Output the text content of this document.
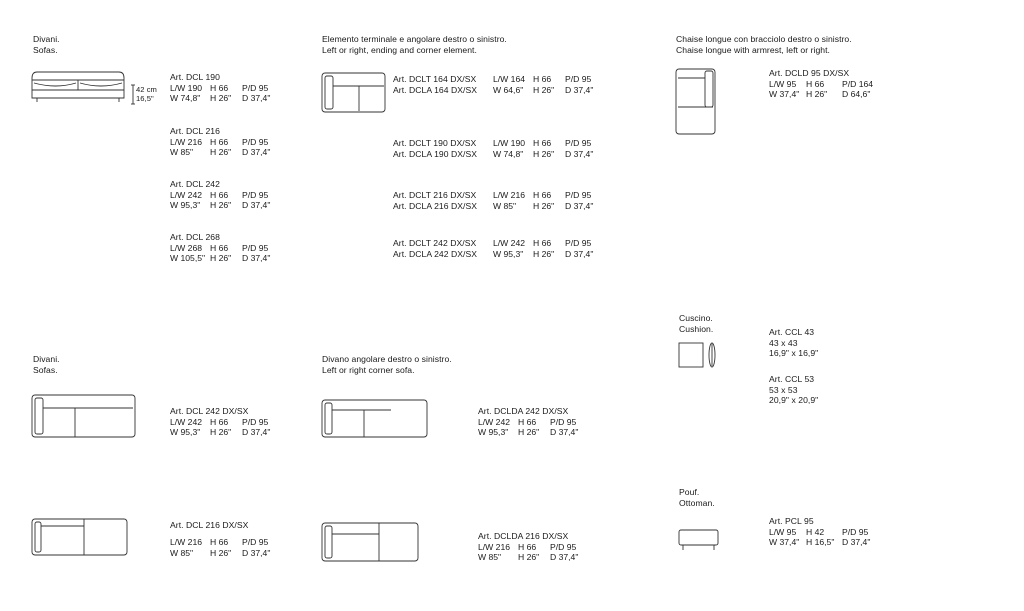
Divani.
Sofas.
Elemento terminale e angolare destro o sinistro.
Left or right, ending and corner element.
Chaise longue con bracciolo destro o sinistro.
Chaise longue with armrest, left or right.
Cuscino.
Cushion.
Divani.
Sofas.
Divano angolare destro o sinistro.
Left or right corner sofa.
Pouf.
Ottoman.
42 cm
16,5"
Art. DCL 190

L/W 190

H 66

P/D 95

W 74,8"

H 26"

D 37,4"

Art. DCL 216

L/W 216

H 66

P/D 95

W 85"

H 26"

D 37,4"

Art. DCL 242

L/W 242

H 66

P/D 95

W 95,3"

H 26"

D 37,4"

Art. DCL 268

L/W 268

H 66

P/D 95

W 105,5"

H 26"

D 37,4"

Art. DCLT 164 DX/SX
Art. DCLA 164 DX/SX

L/W 164

H 66

P/D 95

W 64,6"

H 26"

D 37,4"

Art. DCLT 190 DX/SX
Art. DCLA 190 DX/SX

L/W 190

H 66

P/D 95

W 74,8"

H 26"

D 37,4"

Art. DCLT 216 DX/SX
Art. DCLA 216 DX/SX

L/W 216

H 66

P/D 95

W 85"

H 26"

D 37,4"

Art. DCLT 242 DX/SX
Art. DCLA 242 DX/SX

L/W 242

H 66

P/D 95

W 95,3"

H 26"

D 37,4"

Art. DCLD 95 DX/SX

L/W 95

H 66

P/D 164

W 37,4"

H 26"

D 64,6"

Art. CCL 43
43 x 43
16,9" x 16,9"
Art. CCL 53
53 x 53
20,9" x 20,9"
Art. DCL 242 DX/SX

L/W 242

H 66

P/D 95

W 95,3"

H 26"

D 37,4"

Art. DCL 216 DX/SX

L/W 216

H 66

P/D 95

W 85"

H 26"

D 37,4"

Art. DCLDA 242 DX/SX

L/W 242

H 66

P/D 95

W 95,3"

H 26"

D 37,4"

Art. DCLDA 216 DX/SX

L/W 216

H 66

P/D 95

W 85"

H 26"

D 37,4"

Art. PCL 95

L/W 95

H 42

P/D 95

W 37,4"

H 16,5"

D 37,4"
